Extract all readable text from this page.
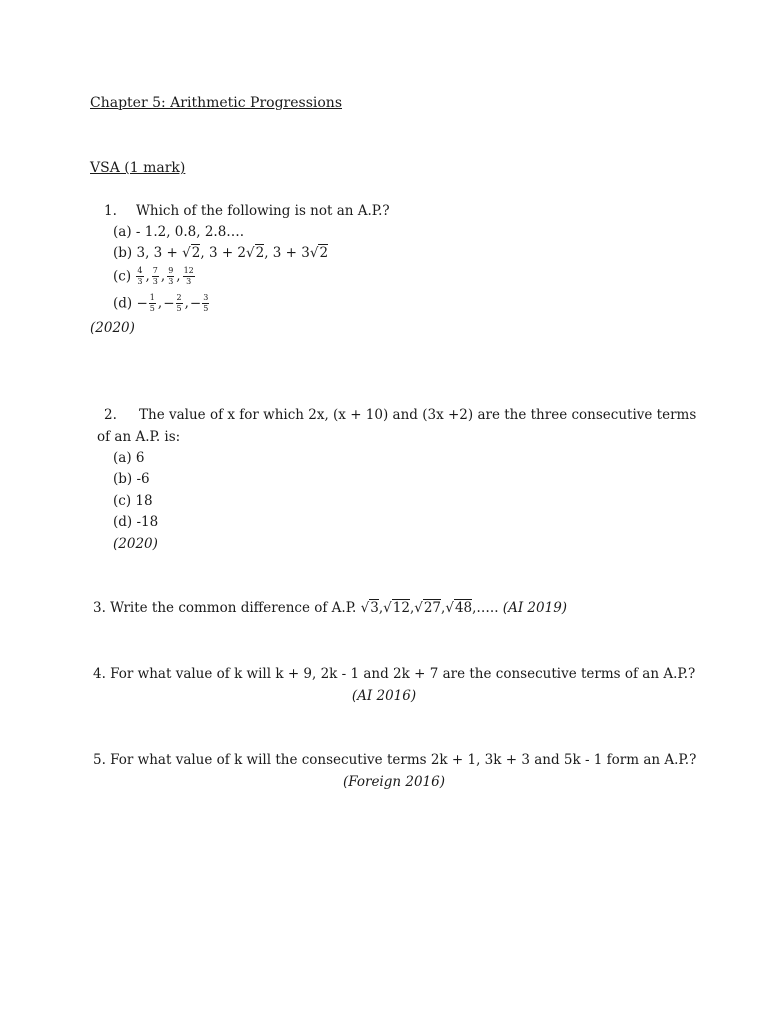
Chapter 5: Arithmetic Progressions
VSA (1 mark)
1. Which of the following is not an A.P.?
(a) - 1.2, 0.8, 2.8….
(b) 3, 3 + √2, 3 + 2√2, 3 + 3√2
$(c) \frac{4}{3}$ , $\frac{7}{3}$ , $\frac{9}{3}$ , $\frac{12}{3}$
$(d) - \frac{1}{5}$ ,− $\frac{2}{5}$ ,− $\frac{3}{5}$
(2020)
2. The value of x for which 2x, (x + 10) and (3x +2) are the three consecutive terms
of an A.P. is:
(a) 6
(b) -6
(c) 18
(d) -18
(2020)
3. Write the common difference of A.P. √3,√12,√27,√48,….. (AI 2019)
4. For what value of k will k + 9, 2k - 1 and 2k + 7 are the consecutive terms of an A.P.?
(AI 2016)
5. For what value of k will the consecutive terms 2k + 1, 3k + 3 and 5k - 1 form an A.P.?
(Foreign 2016)
